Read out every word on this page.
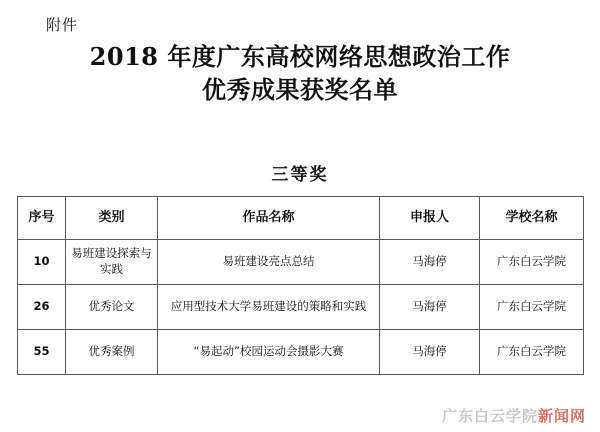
附件
2018 年度广东高校网络思想政治工作
优秀成果获奖名单
三等奖
序号	类别	作品名称	申报人	学校名称
10	易班建设探索与实践	易班建设亮点总结	马海停	广东白云学院
26	优秀论文	应用型技术大学易班建设的策略和实践	马海停	广东白云学院
55	优秀案例	“易起动”校园运动会摄影大赛	马海停	广东白云学院
广东白云学院新闻网
